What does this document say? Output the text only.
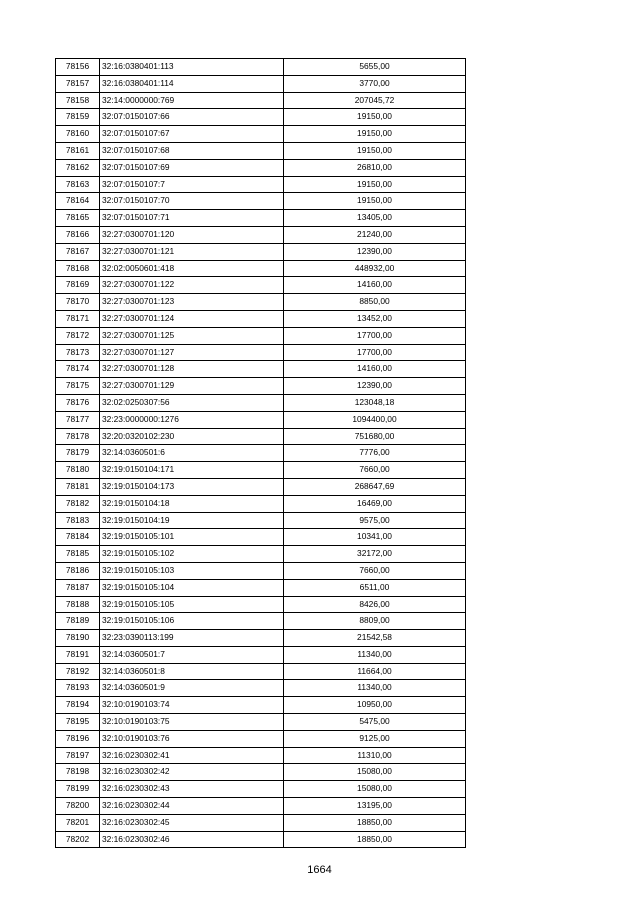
78156	32:16:0380401:113	5655,00
78157	32:16:0380401:114	3770,00
78158	32:14:0000000:769	207045,72
78159	32:07:0150107:66	19150,00
78160	32:07:0150107:67	19150,00
78161	32:07:0150107:68	19150,00
78162	32:07:0150107:69	26810,00
78163	32:07:0150107:7	19150,00
78164	32:07:0150107:70	19150,00
78165	32:07:0150107:71	13405,00
78166	32:27:0300701:120	21240,00
78167	32:27:0300701:121	12390,00
78168	32:02:0050601:418	448932,00
78169	32:27:0300701:122	14160,00
78170	32:27:0300701:123	8850,00
78171	32:27:0300701:124	13452,00
78172	32:27:0300701:125	17700,00
78173	32:27:0300701:127	17700,00
78174	32:27:0300701:128	14160,00
78175	32:27:0300701:129	12390,00
78176	32:02:0250307:56	123048,18
78177	32:23:0000000:1276	1094400,00
78178	32:20:0320102:230	751680,00
78179	32:14:0360501:6	7776,00
78180	32:19:0150104:171	7660,00
78181	32:19:0150104:173	268647,69
78182	32:19:0150104:18	16469,00
78183	32:19:0150104:19	9575,00
78184	32:19:0150105:101	10341,00
78185	32:19:0150105:102	32172,00
78186	32:19:0150105:103	7660,00
78187	32:19:0150105:104	6511,00
78188	32:19:0150105:105	8426,00
78189	32:19:0150105:106	8809,00
78190	32:23:0390113:199	21542,58
78191	32:14:0360501:7	11340,00
78192	32:14:0360501:8	11664,00
78193	32:14:0360501:9	11340,00
78194	32:10:0190103:74	10950,00
78195	32:10:0190103:75	5475,00
78196	32:10:0190103:76	9125,00
78197	32:16:0230302:41	11310,00
78198	32:16:0230302:42	15080,00
78199	32:16:0230302:43	15080,00
78200	32:16:0230302:44	13195,00
78201	32:16:0230302:45	18850,00
78202	32:16:0230302:46	18850,00
1664
